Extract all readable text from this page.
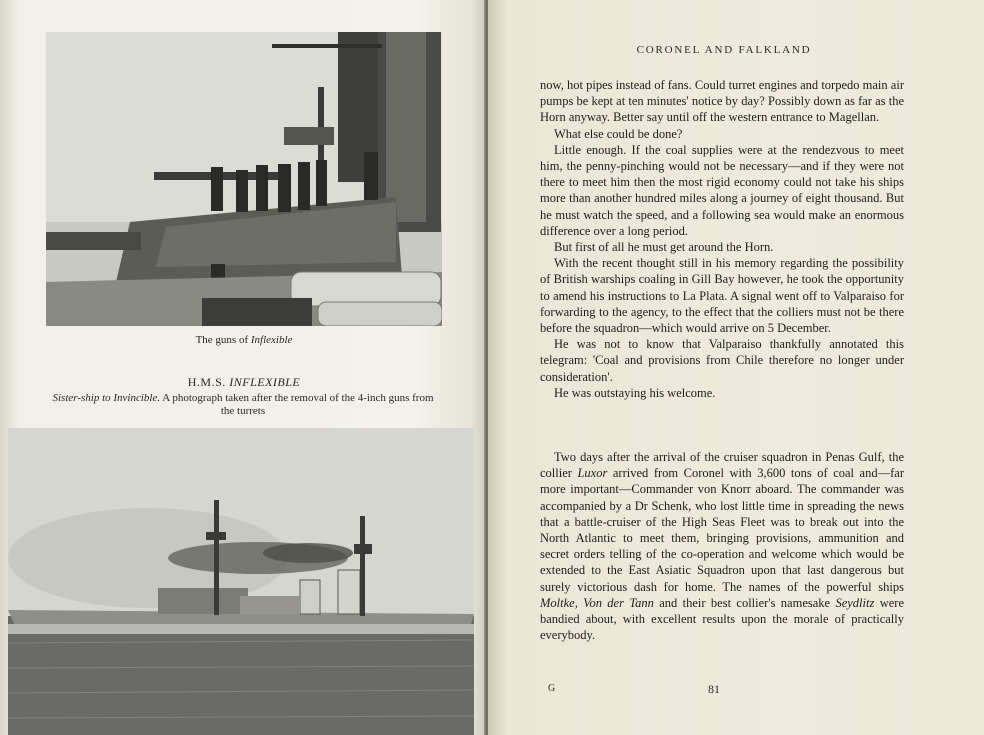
The guns of Inflexible

H.M.S. INFLEXIBLE

Sister-ship to Invincible. A photograph taken after the removal of the 4-inch guns from the turrets

CORONEL AND FALKLAND

now, hot pipes instead of fans. Could turret engines and torpedo main air pumps be kept at ten minutes' notice by day? Possibly down as far as the Horn anyway. Better say until off the western entrance to Magellan.

What else could be done?

Little enough. If the coal supplies were at the rendezvous to meet him, the penny-pinching would not be necessary—and if they were not there to meet him then the most rigid economy could not take his ships more than another hundred miles along a journey of eight thousand. But he must watch the speed, and a following sea would make an enormous difference over a long period.

But first of all he must get around the Horn.

With the recent thought still in his memory regarding the possibility of British warships coaling in Gill Bay however, he took the opportunity to amend his instructions to La Plata. A signal went off to Valparaiso for forwarding to the agency, to the effect that the colliers must not be there before the squadron—which would arrive on 5 December.

He was not to know that Valparaiso thankfully annotated this telegram: 'Coal and provisions from Chile therefore no longer under consideration'.

He was outstaying his welcome.

Two days after the arrival of the cruiser squadron in Penas Gulf, the collier Luxor arrived from Coronel with 3,600 tons of coal and—far more important—Commander von Knorr aboard. The commander was accompanied by a Dr Schenk, who lost little time in spreading the news that a battle-cruiser of the High Seas Fleet was to break out into the North Atlantic to meet them, bringing provisions, ammunition and secret orders telling of the co-operation and welcome which would be extended to the East Asiatic Squadron upon that last dangerous but surely victorious dash for home. The names of the powerful ships Moltke, Von der Tann and their best collier's namesake Seydlitz were bandied about, with excellent results upon the morale of practically everybody.

G	81
